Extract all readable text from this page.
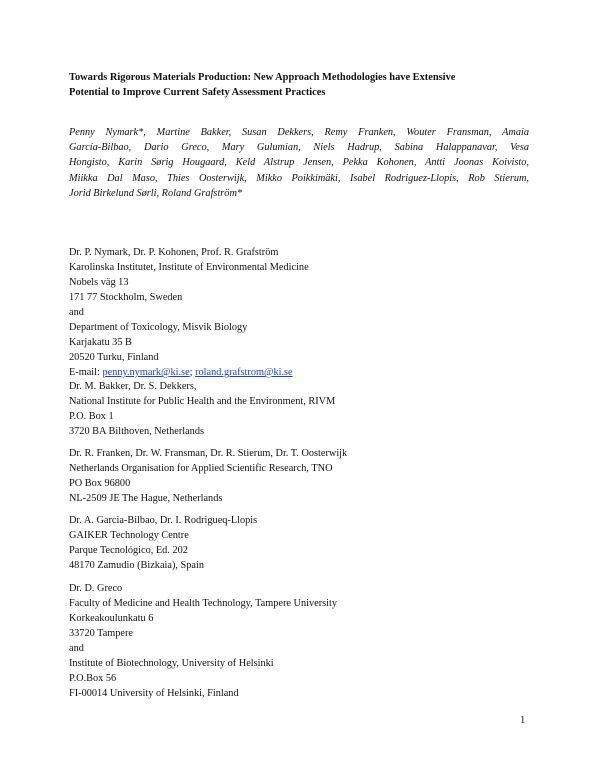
Towards Rigorous Materials Production: New Approach Methodologies have Extensive
Potential to Improve Current Safety Assessment Practices
Penny Nymark*, Martine Bakker, Susan Dekkers, Remy Franken, Wouter Fransman, Amaia
García-Bilbao, Dario Greco, Mary Gulumian, Niels Hadrup, Sabina Halappanavar, Vesa
Hongisto, Karin Sørig Hougaard, Keld Alstrup Jensen, Pekka Kohonen, Antti Joonas Koivisto,
Miikka Dal Maso, Thies Oosterwijk, Mikko Poikkimäki, Isabel Rodriguez-Llopis, Rob Stierum,
Jorid Birkelund Sørli, Roland Grafström*
Dr. P. Nymark, Dr. P. Kohonen, Prof. R. Grafström
Karolinska Institutet, Institute of Environmental Medicine
Nobels väg 13
171 77 Stockholm, Sweden
and
Department of Toxicology, Misvik Biology
Karjakatu 35 B
20520 Turku, Finland
E-mail: penny.nymark@ki.se; roland.grafstrom@ki.se
Dr. M. Bakker, Dr. S. Dekkers,
National Institute for Public Health and the Environment, RIVM
P.O. Box 1
3720 BA Bilthoven, Netherlands
Dr. R. Franken, Dr. W. Fransman, Dr. R. Stierum, Dr. T. Oosterwijk
Netherlands Organisation for Applied Scientific Research, TNO
PO Box 96800
NL-2509 JE The Hague, Netherlands
Dr. A. Garcia-Bilbao, Dr. I. Rodrigueq-Llopis
GAIKER Technology Centre
Parque Tecnológico, Ed. 202
48170 Zamudio (Bizkaia), Spain
Dr. D. Greco
Faculty of Medicine and Health Technology, Tampere University
Korkeakoulunkatu 6
33720 Tampere
and
Institute of Biotechnology, University of Helsinki
P.O.Box 56
FI-00014 University of Helsinki, Finland
1
